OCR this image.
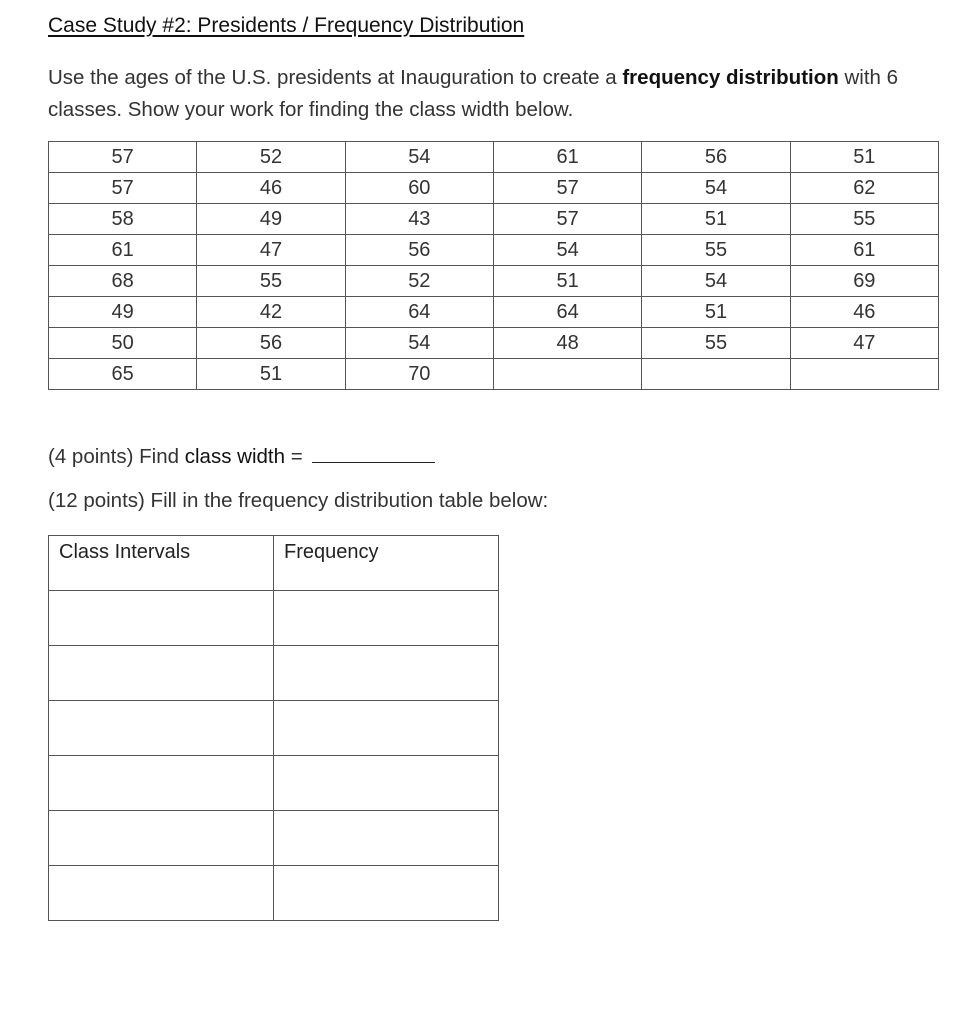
Case Study #2: Presidents / Frequency Distribution
Use the ages of the U.S. presidents at Inauguration to create a frequency distribution with 6 classes. Show your work for finding the class width below.
57	52	54	61	56	51
57	46	60	57	54	62
58	49	43	57	51	55
61	47	56	54	55	61
68	55	52	51	54	69
49	42	64	64	51	46
50	56	54	48	55	47
65	51	70			
(4 points) Find class width =
(12 points) Fill in the frequency distribution table below:
Class Intervals	Frequency
